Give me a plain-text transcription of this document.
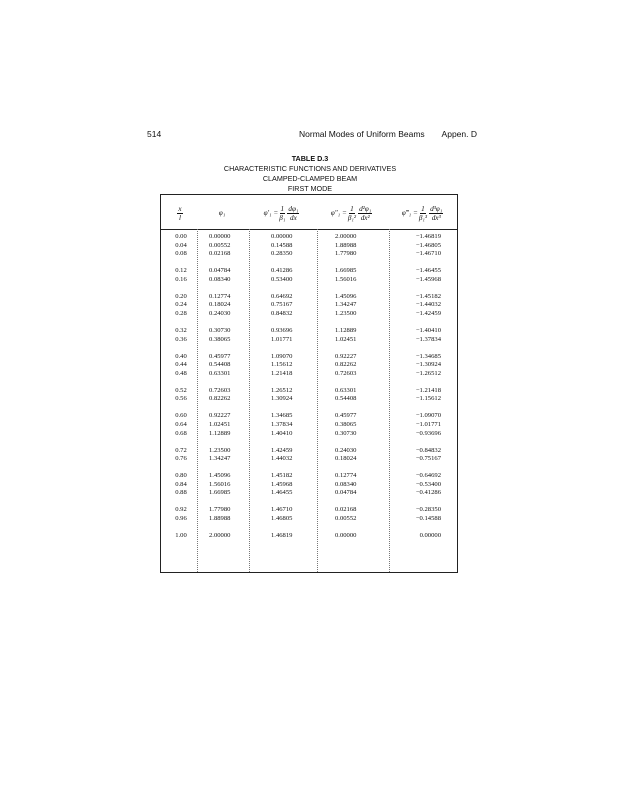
514	Normal Modes of Uniform Beams Appen. D
TABLE D.3
CHARACTERISTIC FUNCTIONS AND DERIVATIVES
CLAMPED-CLAMPED BEAM
FIRST MODE
$\frac{x}{l}$	φ₁	$\varphi'_1 = \frac{1}{\text{β₁}} \frac{\text{dφ₁}}{dx}$	$\varphi''_1 = \frac{1}{\text{β₁²}} \frac{\text{d²φ₁}}{\text{dx²}}$	φ‴₁ = $\frac{1}{\text{β₁³}} \frac{\text{d³φ₁}}{\text{dx³}}$
0.00	0.00000	0.00000	2.00000	−1.46819
0.04	0.00552	0.14588	1.88988	−1.46805
0.08	0.02168	0.28350	1.77980	−1.46710
0.12	0.04784	0.41286	1.66985	−1.46455
0.16	0.08340	0.53400	1.56016	−1.45968
0.20	0.12774	0.64692	1.45096	−1.45182
0.24	0.18024	0.75167	1.34247	−1.44032
0.28	0.24030	0.84832	1.23500	−1.42459
0.32	0.30730	0.93696	1.12889	−1.40410
0.36	0.38065	1.01771	1.02451	−1.37834
0.40	0.45977	1.09070	0.92227	−1.34685
0.44	0.54408	1.15612	0.82262	−1.30924
0.48	0.63301	1.21418	0.72603	−1.26512
0.52	0.72603	1.26512	0.63301	−1.21418
0.56	0.82262	1.30924	0.54408	−1.15612
0.60	0.92227	1.34685	0.45977	−1.09070
0.64	1.02451	1.37834	0.38065	−1.01771
0.68	1.12889	1.40410	0.30730	−0.93696
0.72	1.23500	1.42459	0.24030	−0.84832
0.76	1.34247	1.44032	0.18024	−0.75167
0.80	1.45096	1.45182	0.12774	−0.64692
0.84	1.56016	1.45968	0.08340	−0.53400
0.88	1.66985	1.46455	0.04784	−0.41286
0.92	1.77980	1.46710	0.02168	−0.28350
0.96	1.88988	1.46805	0.00552	−0.14588
1.00	2.00000	1.46819	0.00000	0.00000
